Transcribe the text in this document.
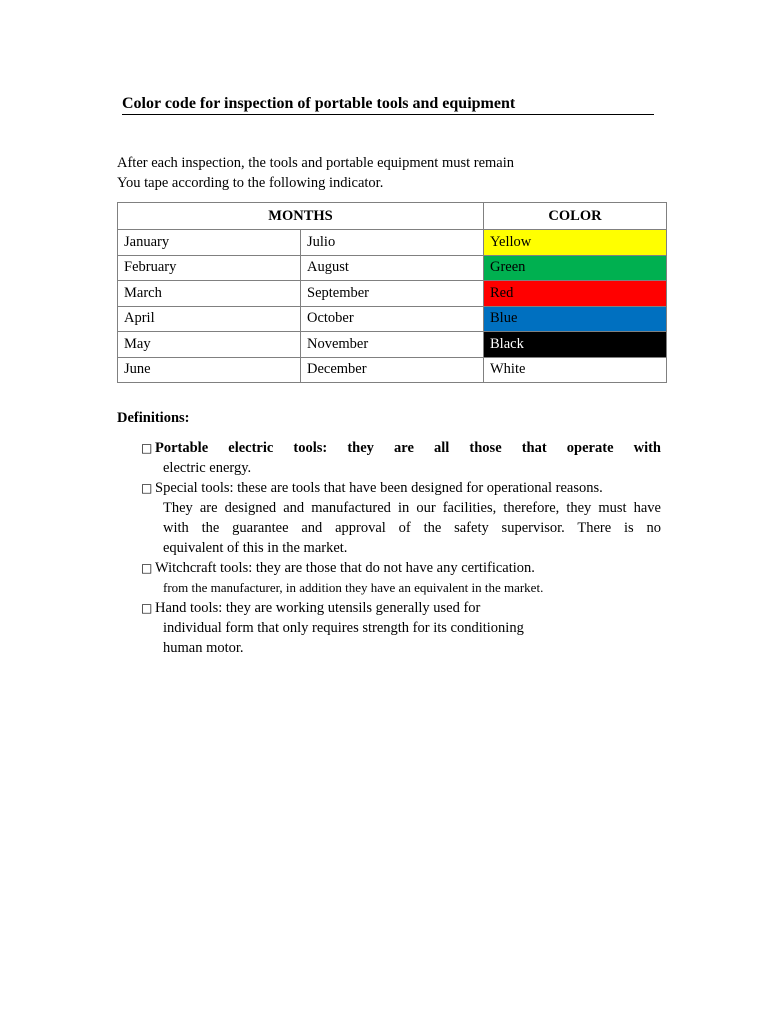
Color code for inspection of portable tools and equipment
After each inspection, the tools and portable equipment must remain
You tape according to the following indicator.
MONTHS		COLOR
January	Julio	Yellow
February	August	Green
March	September	Red
April	October	Blue
May	November	Black
June	December	White
Definitions:
□ Portable electric tools: they are all those that operate with
electric energy.
□ Special tools: these are tools that have been designed for operational reasons.
They are designed and manufactured in our facilities, therefore, they must have
with the guarantee and approval of the safety supervisor. There is no
equivalent of this in the market.
□ Witchcraft tools: they are those that do not have any certification.
from the manufacturer, in addition they have an equivalent in the market.
□ Hand tools: they are working utensils generally used for
individual form that only requires strength for its conditioning
human motor.
